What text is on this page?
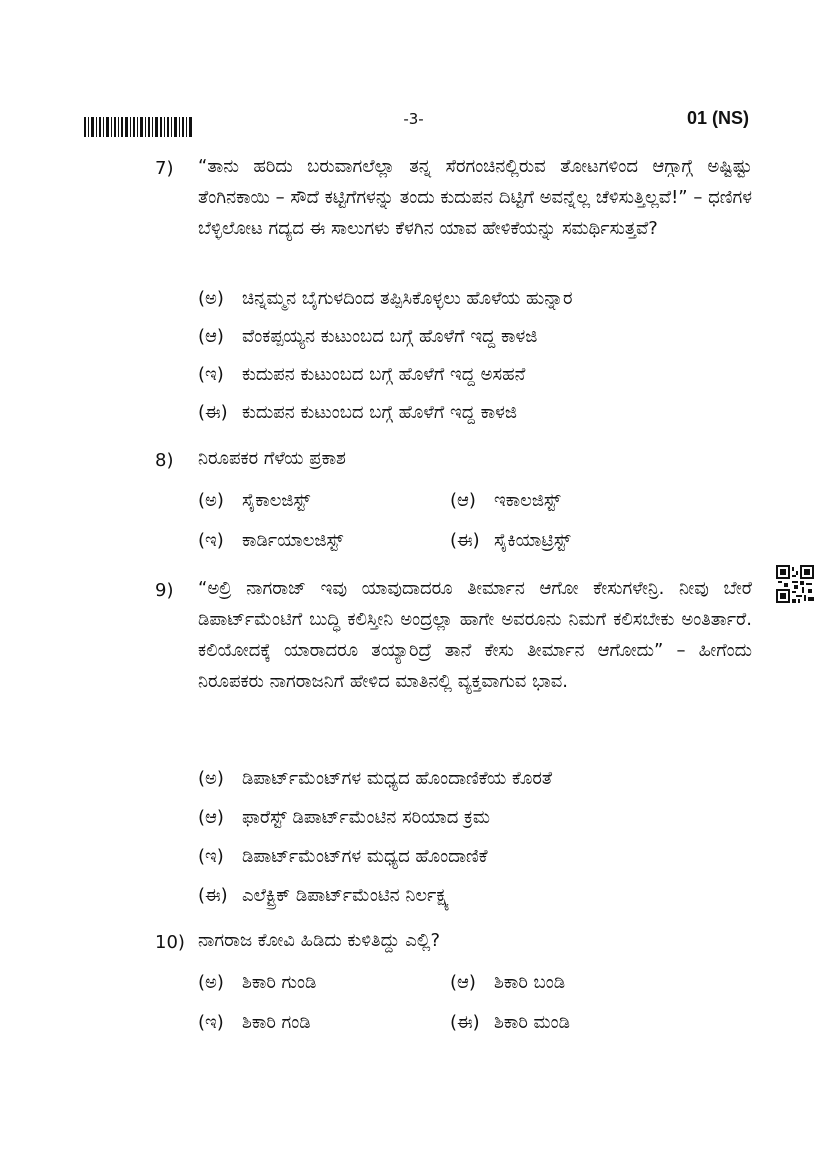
-3-	01 (NS)
7) “ತಾನು ಹರಿದು ಬರುವಾಗಲೆಲ್ಲಾ ತನ್ನ ಸೆರಗಂಚಿನಲ್ಲಿರುವ ತೋಟಗಳಿಂದ ಆಗ್ಗಾಗ್ಗೆ ಅಷ್ಟಿಷ್ಟು ತೆಂಗಿನಕಾಯಿ – ಸೌದೆ ಕಟ್ಟಿಗೆಗಳನ್ನು ತಂದು ಕುದುಪನ ದಿಟ್ಟಿಗೆ ಅವನ್ನೆಲ್ಲ ಚೆಳಿಸುತ್ತಿಲ್ಲವೆ!” – ಧಣಿಗಳ ಬೆಳ್ಳಿಲೋಟ ಗದ್ಯದ ಈ ಸಾಲುಗಳು ಕೆಳಗಿನ ಯಾವ ಹೇಳಿಕೆಯನ್ನು ಸಮರ್ಥಿಸುತ್ತವೆ?
(ಅ) ಚಿನ್ನಮ್ಮನ ಬೈಗುಳದಿಂದ ತಪ್ಪಿಸಿಕೊಳ್ಳಲು ಹೊಳೆಯ ಹುನ್ನಾರ
(ಆ) ವೆಂಕಪ್ಪಯ್ಯನ ಕುಟುಂಬದ ಬಗ್ಗೆ ಹೊಳೆಗೆ ಇದ್ದ ಕಾಳಜಿ
(ಇ) ಕುದುಪನ ಕುಟುಂಬದ ಬಗ್ಗೆ ಹೊಳೆಗೆ ಇದ್ದ ಅಸಹನೆ
(ಈ) ಕುದುಪನ ಕುಟುಂಬದ ಬಗ್ಗೆ ಹೊಳೆಗೆ ಇದ್ದ ಕಾಳಜಿ
8) ನಿರೂಪಕರ ಗೆಳೆಯ ಪ್ರಕಾಶ
(ಅ) ಸೈಕಾಲಜಿಸ್ಟ್	(ಆ) ಇಕಾಲಜಿಸ್ಟ್
(ಇ) ಕಾರ್ಡಿಯಾಲಜಿಸ್ಟ್	(ಈ) ಸೈಕಿಯಾಟ್ರಿಸ್ಟ್
9) “ಅಲ್ರಿ ನಾಗರಾಜ್ ಇವು ಯಾವುದಾದರೂ ತೀರ್ಮಾನ ಆಗೋ ಕೇಸುಗಳೇನ್ರಿ. ನೀವು ಬೇರೆ ಡಿಪಾರ್ಟ್‌ಮೆಂಟಿಗೆ ಬುದ್ಧಿ ಕಲಿಸ್ತೀನಿ ಅಂದ್ರಲ್ಲಾ ಹಾಗೇ ಅವರೂನು ನಿಮಗೆ ಕಲಿಸಬೇಕು ಅಂತಿರ್ತಾರೆ. ಕಲಿಯೋದಕ್ಕೆ ಯಾರಾದರೂ ತಯ್ಯಾರಿದ್ರೆ ತಾನೆ ಕೇಸು ತೀರ್ಮಾನ ಆಗೋದು” – ಹೀಗೆಂದು ನಿರೂಪಕರು ನಾಗರಾಜನಿಗೆ ಹೇಳಿದ ಮಾತಿನಲ್ಲಿ ವ್ಯಕ್ತವಾಗುವ ಭಾವ.
(ಅ) ಡಿಪಾರ್ಟ್‌ಮೆಂಟ್‌ಗಳ ಮಧ್ಯದ ಹೊಂದಾಣಿಕೆಯ ಕೊರತೆ
(ಆ) ಫಾರೆಸ್ಟ್ ಡಿಪಾರ್ಟ್‌ಮೆಂಟಿನ ಸರಿಯಾದ ಕ್ರಮ
(ಇ) ಡಿಪಾರ್ಟ್‌ಮೆಂಟ್‌ಗಳ ಮಧ್ಯದ ಹೊಂದಾಣಿಕೆ
(ಈ) ಎಲೆಕ್ಟ್ರಿಕ್ ಡಿಪಾರ್ಟ್‌ಮೆಂಟಿನ ನಿರ್ಲಕ್ಷ್ಯ
10) ನಾಗರಾಜ ಕೋವಿ ಹಿಡಿದು ಕುಳಿತಿದ್ದು ಎಲ್ಲಿ?
(ಅ) ಶಿಕಾರಿ ಗುಂಡಿ	(ಆ) ಶಿಕಾರಿ ಬಂಡಿ
(ಇ) ಶಿಕಾರಿ ಗಂಡಿ	(ಈ) ಶಿಕಾರಿ ಮಂಡಿ
